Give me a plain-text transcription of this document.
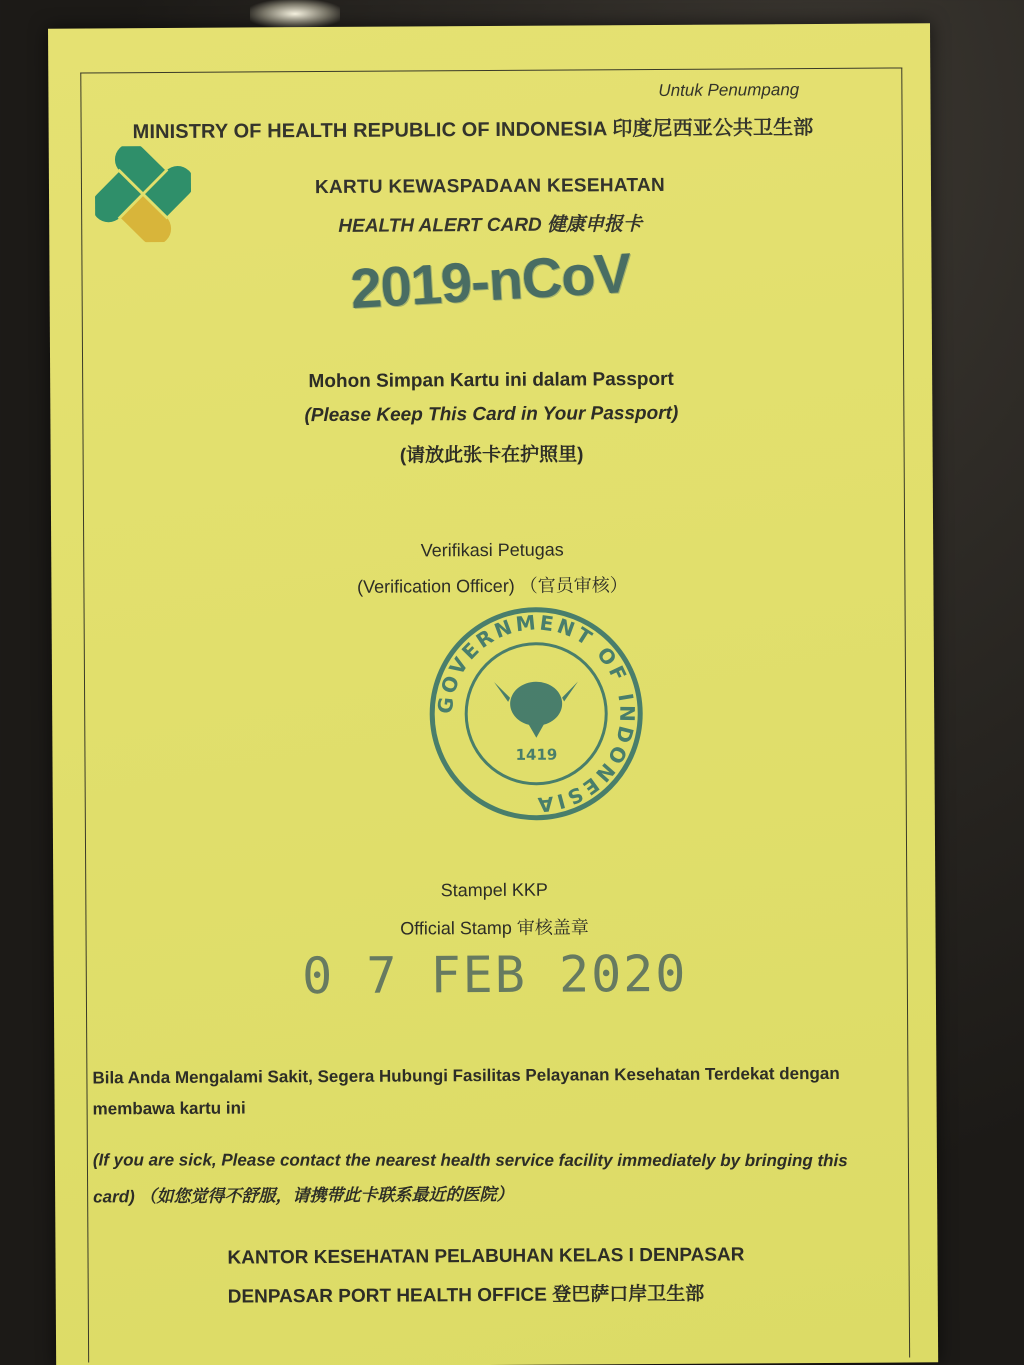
Untuk Penumpang
MINISTRY OF HEALTH REPUBLIC OF INDONESIA 印度尼西亚公共卫生部
KARTU KEWASPADAAN KESEHATAN
HEALTH ALERT CARD 健康申报卡
2019-nCoV
Mohon Simpan Kartu ini dalam Passport
(Please Keep This Card in Your Passport)
(请放此张卡在护照里)
Verifikasi Petugas
(Verification Officer) （官员审核）
GOVERNMENT OF INDONESIA
1419
Stampel KKP
Official Stamp 审核盖章
0 7 FEB 2020
Bila Anda Mengalami Sakit, Segera Hubungi Fasilitas Pelayanan Kesehatan Terdekat dengan
membawa kartu ini
(If you are sick, Please contact the nearest health service facility immediately by bringing this
card) （如您觉得不舒服，请携带此卡联系最近的医院）
KANTOR KESEHATAN PELABUHAN KELAS I DENPASAR
DENPASAR PORT HEALTH OFFICE 登巴萨口岸卫生部
